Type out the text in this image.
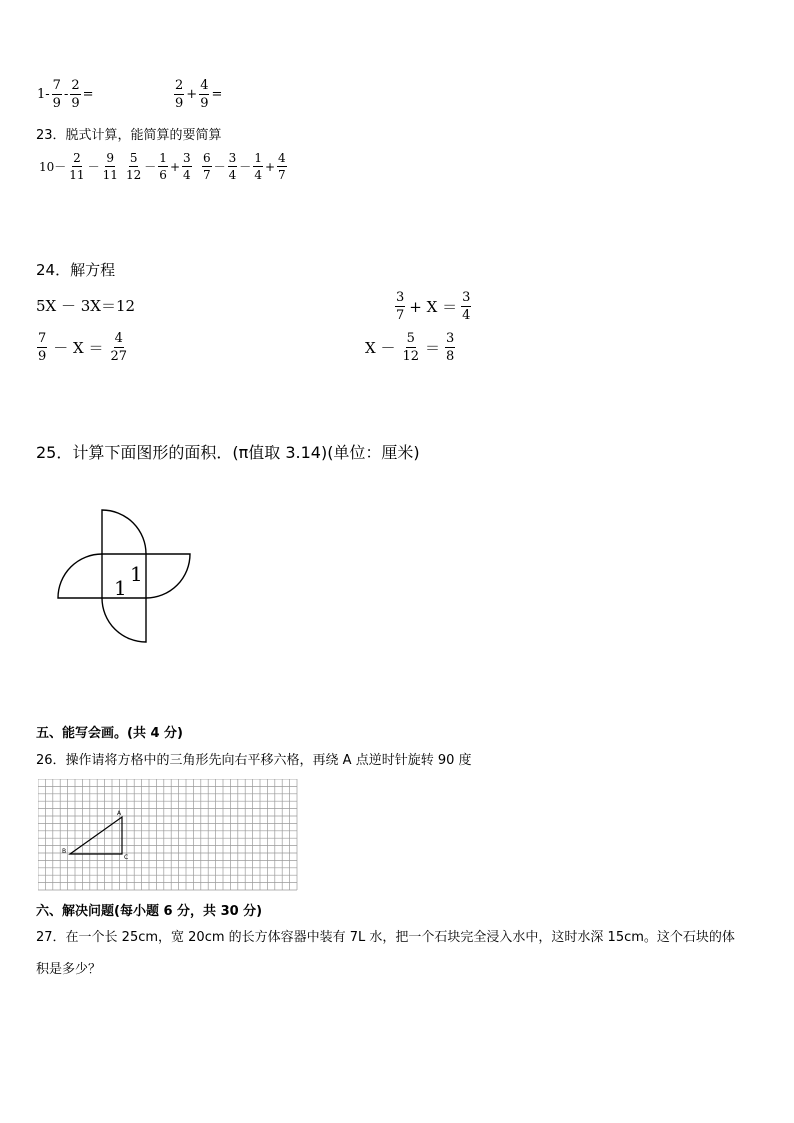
$1- \frac{7}{9} - \frac{2}{9}$ =	$\frac{2}{9} + \frac{4}{9}$ =
23．脱式计算，能简算的要简算
$10- \frac{2}{11} - \frac{9}{11} \frac{5}{12} - \frac{1}{6} + \frac{3}{4} \frac{6}{7} - \frac{3}{4} - \frac{1}{4} + \frac{4}{7}$
24．解方程
5X － 3X＝12	$\frac{3}{7} + X = \frac{3}{4}$
$\frac{7}{9} - X = \frac{4}{27}$	$X - \frac{5}{12} = \frac{3}{8}$
25．计算下面图形的面积．(π值取 3.14)(单位：厘米)
1
1
五、能写会画。(共 4 分)
26．操作请将方格中的三角形先向右平移六格，再绕 A 点逆时针旋转 90 度
A
B
C
六、解决问题(每小题 6 分，共 30 分)
27．在一个长 25cm，宽 20cm 的长方体容器中装有 7L 水，把一个石块完全浸入水中，这时水深 15cm。这个石块的体
积是多少？
